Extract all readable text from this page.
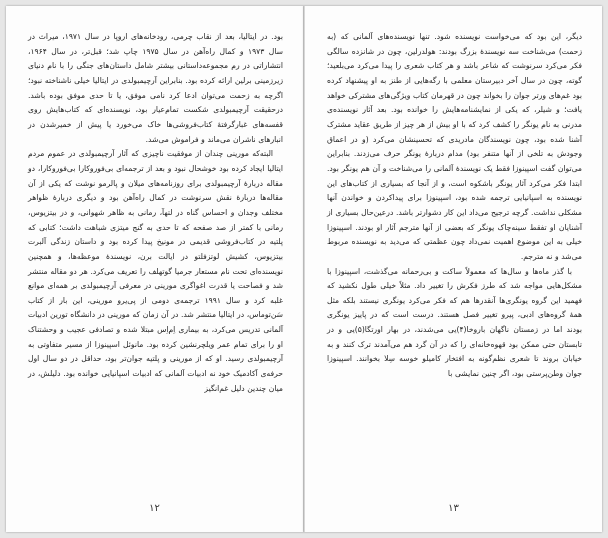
بود. در ایتالیا، بعد از نقاب چرمی، رودخانه‌های اروپا در سال ۱۹۷۱، میراث در سال ۱۹۷۳ و کمال راه‌آهن در سال ۱۹۷۵ چاپ شد؛ قبل‌تر، در سال ۱۹۶۴، انتشاراتی در رم مجموعه‌داستانی بیشتر شامل داستان‌های جنگی را با نام دنیای زیرزمینی برلین ارائه کرده بود. بنابراین آرچیمبولدی در ایتالیا خیلی ناشناخته نبود؛ اگرچه به زحمت می‌توان ادعا کرد نامی موفق، یا تا حدی موفق بوده باشد. درحقیقت آرچیمبولدی شکست تمام‌عیار بود، نویسنده‌ای که کتاب‌هایش روی قفسه‌های غبارگرفتهٔ کتاب‌فروشی‌ها خاک می‌خورد یا پیش از خمیرشدن در انبارهای ناشران می‌ماند و فراموش می‌شد.

البته‌که مورینی چندان از موفقیت ناچیزی که آثار آرچیمبولدی در عموم مردم ایتالیا ایجاد کرده بود خوشحال نبود و بعد از ترجمه‌ای بی‌فوروکارا بی‌فوروکارا، دو مقاله دربارهٔ آرچیمبولدی برای روزنامه‌های میلان و پالرمو نوشت که یکی از آن مقاله‌ها دربارهٔ نقش سرنوشت در کمال راه‌آهن بود و دیگری دربارهٔ ظواهر مختلف وجدان و احساس گناه در لتهآ، رمانی به ظاهر شهوانی، و در بیتزیوس، رمانی با کمتر از صد صفحه که تا حدی به گنج میتزی شباهت داشت؛ کتابی که پلتیه در کتاب‌فروشی قدیمی در مونیخ پیدا کرده بود و داستان زندگی آلبرت بیتزیوس، کشیش لوتزفلتو در ایالت برن، نویسندهٔ موعظه‌ها، و همچنین نویسنده‌ای تحت نام مستعار جرمیا گوتهلف را تعریف می‌کرد. هر دو مقاله منتشر شد و فصاحت یا قدرت اغواگری مورینی در معرفی آرچیمبولدی بر همه‌ای موانع غلبه کرد و سال ۱۹۹۱ ترجمه‌ی دومی از پی‌یرو مورینی، این بار از کتاب سَن‌توماس، در ایتالیا منتشر شد. در آن زمان که مورینی در دانشگاه تورین ادبیات آلمانی تدریس می‌کرد، به بیماری اِم‌اِس مبتلا شده و تصادفی عجیب و وحشتناک او را برای تمام عمر ویلچرنشین کرده بود. مانوئل اسپینوزا از مسیر متفاوتی به آرچیمبولدی رسید. او که از مورینی و پلتیه جوان‌تر بود، حداقل در دو سال اول حرفه‌ی آکادمیک خود نه ادبیات آلمانی که ادبیات اسپانیایی خوانده بود. دلیلش، در میان چندین دلیل غم‌انگیز

۱۲

دیگر، این بود که می‌خواست نویسنده شود. تنها نویسنده‌های آلمانی که (به زحمت) می‌شناخت سه نویسندهٔ بزرگ بودند: هولدرلین، چون در شانزده سالگی فکر می‌کرد سرنوشت که شاعر باشد و هر کتاب شعری را پیدا می‌کرد می‌بلعید؛ گوته، چون در سال آخر دبیرستان معلمی با رگه‌هایی از طنز به او پیشنهاد کرده بود غم‌های ورتر جوان را بخواند چون در قهرمان کتاب ویژگی‌های مشترکی خواهد یافت؛ و شیلر، که یکی از نمایشنامه‌هایش را خوانده بود. بعد آثار نویسنده‌ی مدرنی به نام یونگر را کشف کرد که با او بیش از هر چیز از طریق عقاید مشترک آشنا شده بود، چون نویسندگان مادریدی که تحسینشان می‌کرد (و در اعماق وجودش به تلخی از آنها متنفر بود) مدام دربارهٔ یونگر حرف می‌زدند. بنابراین می‌توان گفت اسپینوزا فقط یک نویسندهٔ آلمانی را می‌شناخت و آن هم یونگر بود. ابتدا فکر می‌کرد آثار یونگر باشکوه است، و از آنجا که بسیاری از کتاب‌های این نویسنده به اسپانیایی ترجمه شده بود، اسپینوزا برای پیداکردن و خواندن آنها مشکلی نداشت. گرچه ترجیح می‌داد این کار دشوارتر باشد. درعین‌حال بسیاری از آشنایان او تفقط سینه‌چاک یونگر که بعضی از آنها مترجم آثار او بودند. اسپینوزا خیلی به این موضوع اهمیت نمی‌داد چون عظمتی که می‌دید به نویسنده مربوط می‌شد و نه مترجم.

با گذر ماه‌ها و سال‌ها که معمولاً ساکت و بی‌رحمانه می‌گذشت، اسپینوزا با مشکل‌هایی مواجه شد که طرز فکرش را تغییر داد. مثلاً خیلی طول نکشید که فهمید این گروه یونگری‌ها آنقدرها هم که فکر می‌کرد یونگری نیستند بلکه مثل همهٔ گروه‌های ادبی، پیرو تغییر فصل هستند. درست است که در پاییز یونگری بودند اما در زمستان ناگهان باروخا(۴)یی می‌شدند، در بهار اورتگا(۵)یی و در تابستان حتی ممکن بود قهوه‌خانه‌ای را که در آن گرد هم می‌آمدند ترک کنند و به خیابان بروند تا شعری نظم‌گونه به افتخار کامیلو خوسه سِلا بخوانند. اسپینوزا جوان وطن‌پرستی بود، اگر چنین نمایشی با

۱۳
